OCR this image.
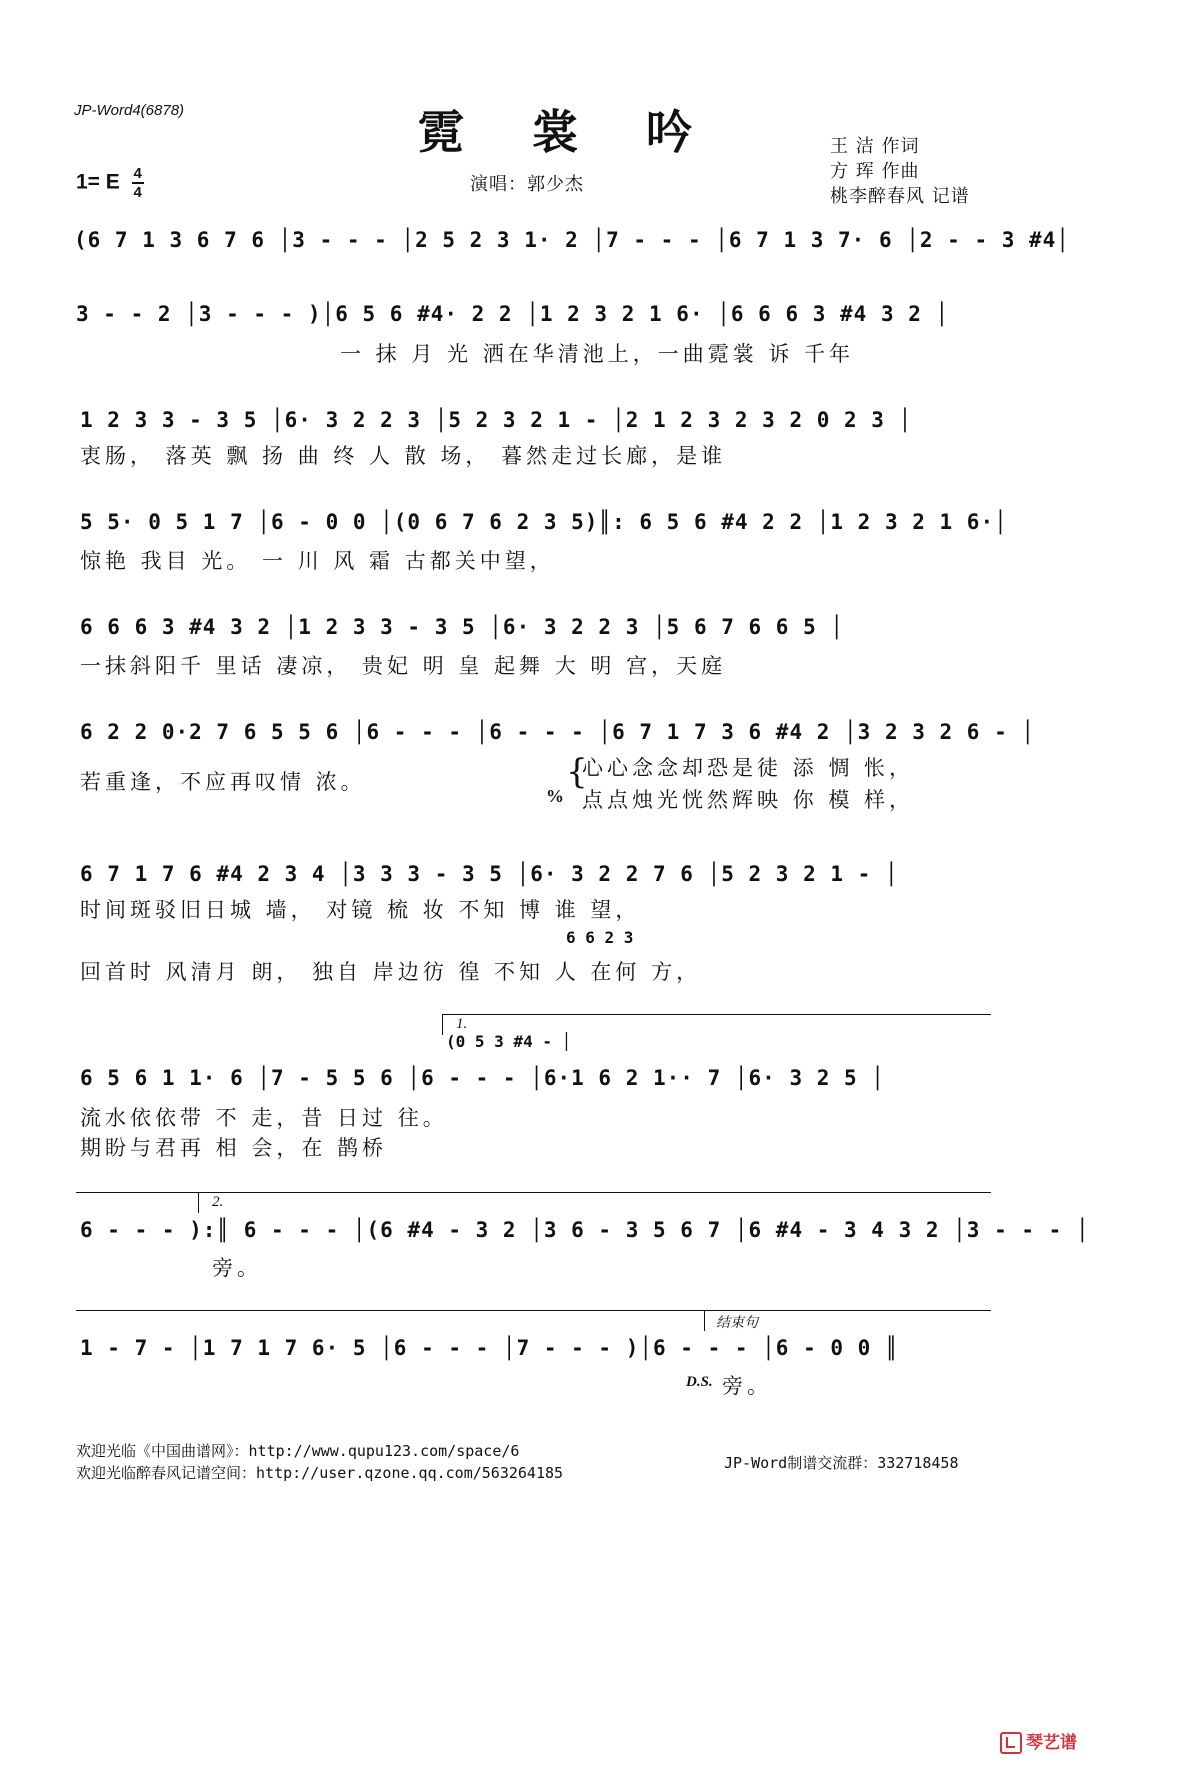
JP-Word4(6878)	霓 裳 吟
1= E $\frac{4}{4}$	演唱：郭少杰
王 洁 作词
方 珲 作曲
桃李醉春风 记谱
(6 7 1 3 6 7 6 │3 - - - │2 5 2 3 1· 2 │7 - - - │6 7 1 3 7· 6 │2 - - 3 #4│
3 - - 2 │3 - - - )│6 5 6 #4· 2 2 │1 2 3 2 1 6· │6 6 6 3 #4 3 2 │
一 抹 月 光 洒在华清池上，一曲霓裳 诉 千年
1 2 3 3 - 3 5 │6· 3 2 2 3 │5 2 3 2 1 - │2 1 2 3 2 3 2 0 2 3 │
衷肠， 落英 飘 扬 曲 终 人 散 场， 暮然走过长廊，是谁
5 5· 0 5 1 7 │6 - 0 0 │(0 6 7 6 2 3 5)║: 6 5 6 #4 2 2 │1 2 3 2 1 6·│
惊艳 我目 光。 一 川 风 霜 古都关中望，
6 6 6 3 #4 3 2 │1 2 3 3 - 3 5 │6· 3 2 2 3 │5 6 7 6 6 5 │
一抹斜阳千 里话 凄凉， 贵妃 明 皇 起舞 大 明 宫，天庭
6 2 2 0·2 7 6 5 5 6 │6 - - - │6 - - - │6 7 1 7 3 6 #4 2 │3 2 3 2 6 - │
若重逢，不应再叹情 浓。	{
心心念念却恐是徒 添 惆 怅，
% 点点烛光恍然辉映 你 模 样，
6 7 1 7 6 #4 2 3 4 │3 3 3 - 3 5 │6· 3 2 2 7 6 │5 2 3 2 1 - │
时间斑驳旧日城 墙， 对镜 梳 妆 不知 博 谁 望，
6 6 2 3
回首时 风清月 朗， 独自 岸边彷 徨 不知 人 在何 方，
1.
(0 5 3 #4 - │
6 5 6 1 1· 6 │7 - 5 5 6 │6 - - - │6·1 6 2 1·· 7 │6· 3 2 5 │
流水依依带 不 走，昔 日过 往。
期盼与君再 相 会，在 鹊桥
2.
6 - - - ):║ 6 - - - │(6 #4 - 3 2 │3 6 - 3 5 6 7 │6 #4 - 3 4 3 2 │3 - - - │
旁。
结束句
1 - 7 - │1 7 1 7 6· 5 │6 - - - │7 - - - )│6 - - - │6 - 0 0 ║
D.S. 旁。
欢迎光临《中国曲谱网》：http://www.qupu123.com/space/6
欢迎光临醉春风记谱空间：http://user.qzone.qq.com/563264185
JP-Word制谱交流群：332718458
琴艺谱
